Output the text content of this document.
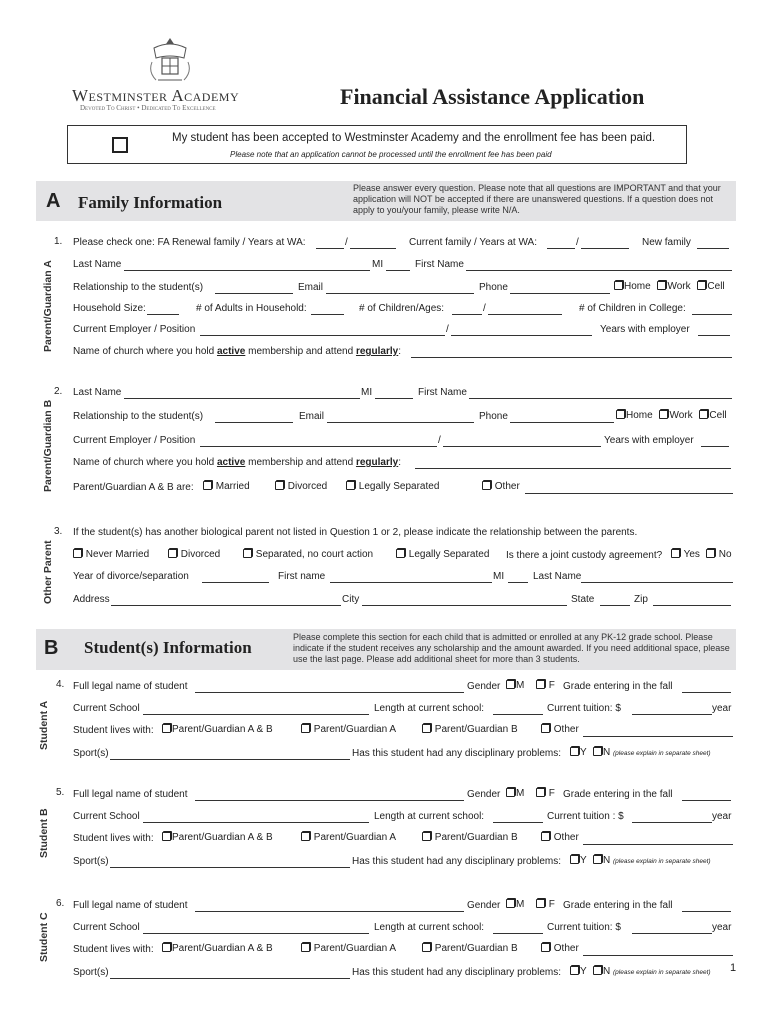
Westminster Academy
Devoted To Christ • Dedicated To Excellence	Financial Assistance Application
My student has been accepted to Westminster Academy and the enrollment fee has been paid.
Please note that an application cannot be processed until the enrollment fee has been paid
A Family Information
Please answer every question. Please note that all questions are IMPORTANT and that your application will NOT be accepted if there are unanswered questions. If a question does not apply to you/your family, please write N/A.
Parent/Guardian A
Parent/Guardian B
Other Parent
1. Please check one: FA Renewal family / Years at WA:	/	Current family / Years at WA:	/	New family
Last Name	MI	First Name
Relationship to the student(s)	Email	Phone	Home Work Cell
Household Size:	# of Adults in Household:	# of Children/Ages:	/	# of Children in College:
Current Employer / Position	/	Years with employer
Name of church where you hold active membership and attend regularly:
2. Last Name	MI	First Name
Relationship to the student(s)	Email	Phone	Home Work Cell
Current Employer / Position	/	Years with employer
Name of church where you hold active membership and attend regularly:
Parent/Guardian A & B are:	Married	Divorced	Legally Separated	Other
3. If the student(s) has another biological parent not listed in Question 1 or 2, please indicate the relationship between the parents.
Never Married	Divorced	Separated, no court action	Legally Separated Is there a joint custody agreement?	Yes	No
Year of divorce/separation	First name	MI	Last Name
Address	City	State	Zip
B Student(s) Information
Please complete this section for each child that is admitted or enrolled at any PK-12 grade school. Please indicate if the student receives any scholarship and the amount awarded. If you need additional space, please use the last page. Please add additional sheet for more than 3 students.
Student A
Student B
Student C
4. Full legal name of student	Gender	M	F Grade entering in the fall
Current School	Length at current school:	Current tuition: $	year
Student lives with:	Parent/Guardian A & B	Parent/Guardian A	Parent/Guardian B	Other
Sport(s)	Has this student had any disciplinary problems:	Y	N (please explain in separate sheet)
5. Full legal name of student	Gender	M	F Grade entering in the fall
Current School	Length at current school:	Current tuition : $	year
Student lives with:	Parent/Guardian A & B	Parent/Guardian A	Parent/Guardian B	Other
Sport(s)	Has this student had any disciplinary problems:	Y	N (please explain in separate sheet)
6. Full legal name of student	Gender	M	F Grade entering in the fall
Current School	Length at current school:	Current tuition: $	year
Student lives with:	Parent/Guardian A & B	Parent/Guardian A	Parent/Guardian B	Other
Sport(s)	Has this student had any disciplinary problems:	Y	N (please explain in separate sheet) 1
